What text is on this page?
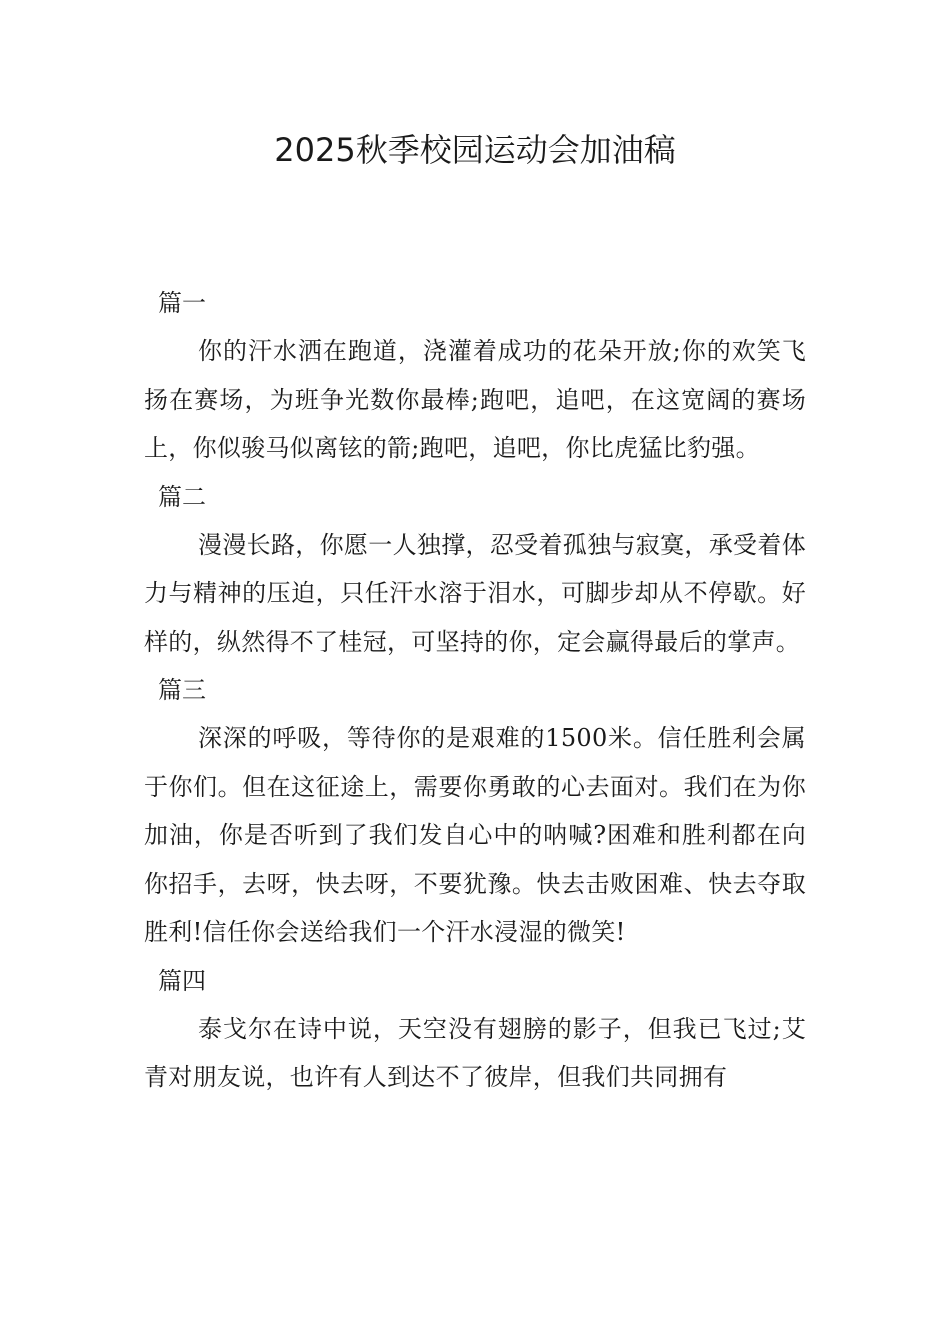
2025秋季校园运动会加油稿

篇一

你的汗水洒在跑道，浇灌着成功的花朵开放;你的欢笑飞扬在赛场，为班争光数你最棒;跑吧，追吧，在这宽阔的赛场上，你似骏马似离铉的箭;跑吧，追吧，你比虎猛比豹强。

篇二

漫漫长路，你愿一人独撑，忍受着孤独与寂寞，承受着体力与精神的压迫，只任汗水溶于泪水，可脚步却从不停歇。好样的，纵然得不了桂冠，可坚持的你，定会赢得最后的掌声。

篇三

深深的呼吸，等待你的是艰难的1500米。信任胜利会属于你们。但在这征途上，需要你勇敢的心去面对。我们在为你加油，你是否听到了我们发自心中的呐喊?困难和胜利都在向你招手，去呀，快去呀，不要犹豫。快去击败困难、快去夺取胜利!信任你会送给我们一个汗水浸湿的微笑!

篇四

泰戈尔在诗中说，天空没有翅膀的影子，但我已飞过;艾青对朋友说，也许有人到达不了彼岸，但我们共同拥有
